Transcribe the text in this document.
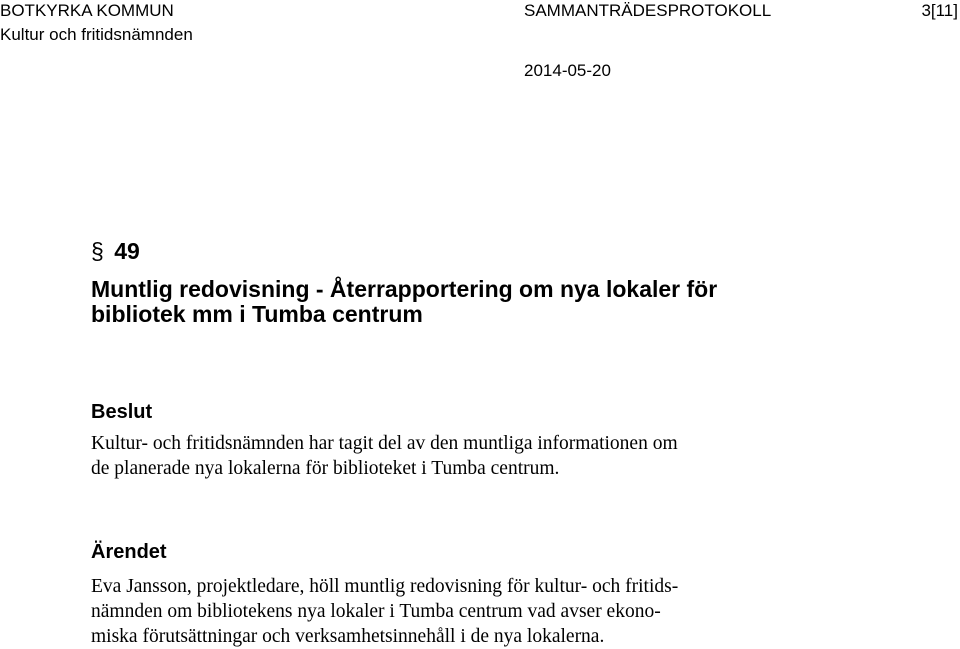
BOTKYRKA KOMMUN
Kultur och fritidsnämnden
SAMMANTRÄDESPROTOKOLL	3[11]
2014-05-20
§ 49
Muntlig redovisning - Återrapportering om nya lokaler för
bibliotek mm i Tumba centrum
Beslut
Kultur- och fritidsnämnden har tagit del av den muntliga informationen om
de planerade nya lokalerna för biblioteket i Tumba centrum.
Ärendet
Eva Jansson, projektledare, höll muntlig redovisning för kultur- och fritids-
nämnden om bibliotekens nya lokaler i Tumba centrum vad avser ekono-
miska förutsättningar och verksamhetsinnehåll i de nya lokalerna.
